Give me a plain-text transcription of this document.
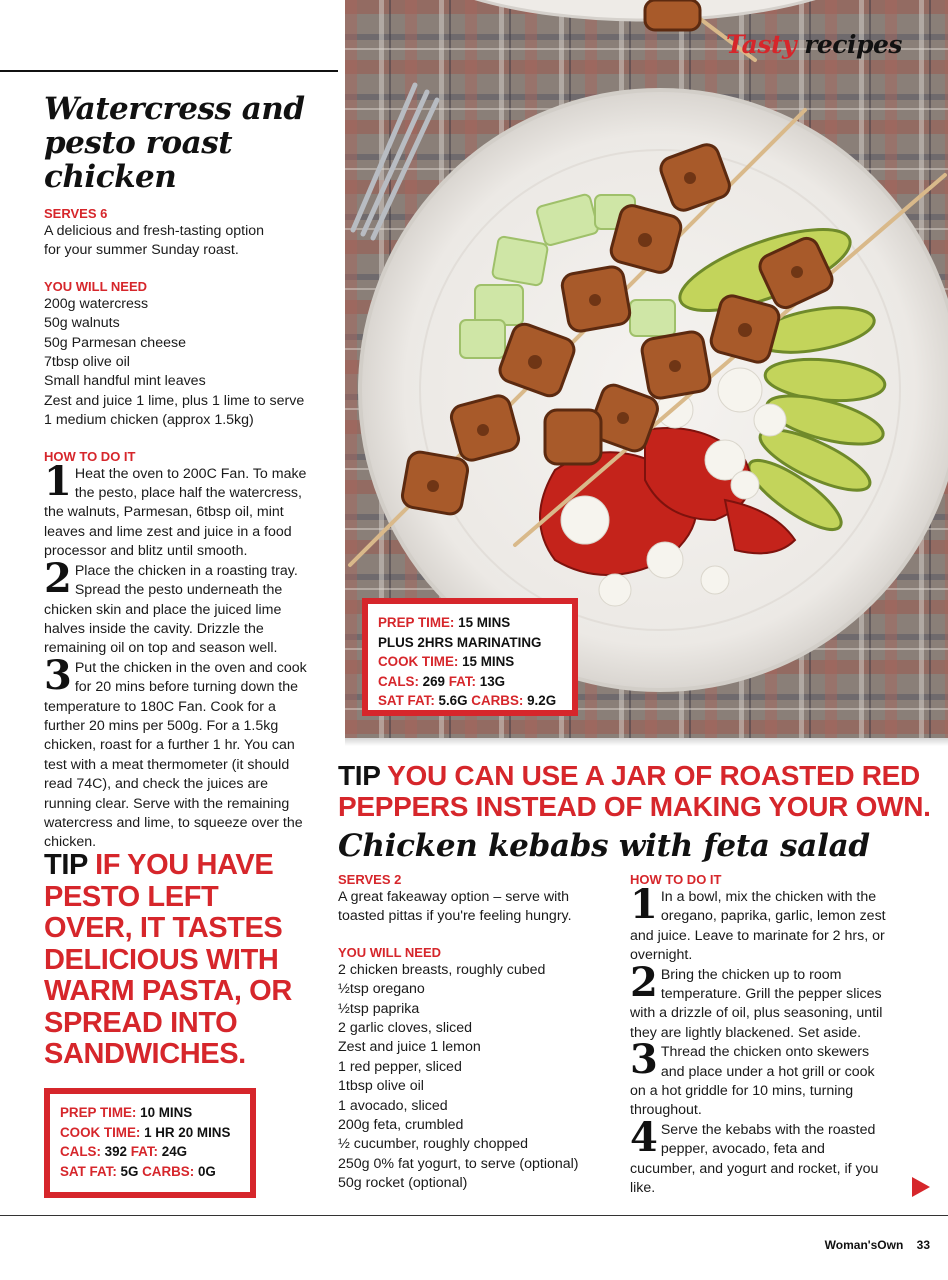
Watercress and
pesto roast chicken
SERVES 6
A delicious and fresh-tasting option
for your summer Sunday roast.
YOU WILL NEED
200g watercress
50g walnuts
50g Parmesan cheese
7tbsp olive oil
Small handful mint leaves
Zest and juice 1 lime, plus 1 lime to serve
1 medium chicken (approx 1.5kg)
HOW TO DO IT
1 Heat the oven to 200C Fan. To make the pesto, place half the watercress, the walnuts, Parmesan, 6tbsp oil, mint leaves and lime zest and juice in a food processor and blitz until smooth.
2 Place the chicken in a roasting tray. Spread the pesto underneath the chicken skin and place the juiced lime halves inside the cavity. Drizzle the remaining oil on top and season well.
3 Put the chicken in the oven and cook for 20 mins before turning down the temperature to 180C Fan. Cook for a further 20 mins per 500g. For a 1.5kg chicken, roast for a further 1 hr. You can test with a meat thermometer (it should read 74C), and check the juices are running clear. Serve with the remaining watercress and lime, to squeeze over the chicken.
TIP IF YOU HAVE PESTO LEFT OVER, IT TASTES DELICIOUS WITH WARM PASTA, OR SPREAD INTO SANDWICHES.
PREP TIME: 10 MINS
COOK TIME: 1 HR 20 MINS
CALS: 392 FAT: 24G
SAT FAT: 5G CARBS: 0G
Tasty recipes
PREP TIME: 15 MINS
PLUS 2HRS MARINATING
COOK TIME: 15 MINS
CALS: 269 FAT: 13G
SAT FAT: 5.6G CARBS: 9.2G
TIP YOU CAN USE A JAR OF ROASTED RED PEPPERS INSTEAD OF MAKING YOUR OWN.
Chicken kebabs with feta salad
SERVES 2
A great fakeaway option – serve with toasted pittas if you're feeling hungry.
YOU WILL NEED
2 chicken breasts, roughly cubed
½tsp oregano
½tsp paprika
2 garlic cloves, sliced
Zest and juice 1 lemon
1 red pepper, sliced
1tbsp olive oil
1 avocado, sliced
200g feta, crumbled
½ cucumber, roughly chopped
250g 0% fat yogurt, to serve (optional)
50g rocket (optional)
HOW TO DO IT
1 In a bowl, mix the chicken with the oregano, paprika, garlic, lemon zest and juice. Leave to marinate for 2 hrs, or overnight.
2 Bring the chicken up to room temperature. Grill the pepper slices with a drizzle of oil, plus seasoning, until they are lightly blackened. Set aside.
3 Thread the chicken onto skewers and place under a hot grill or cook on a hot griddle for 10 mins, turning throughout.
4 Serve the kebabs with the roasted pepper, avocado, feta and cucumber, and yogurt and rocket, if you like.
Woman'sOwn 33
